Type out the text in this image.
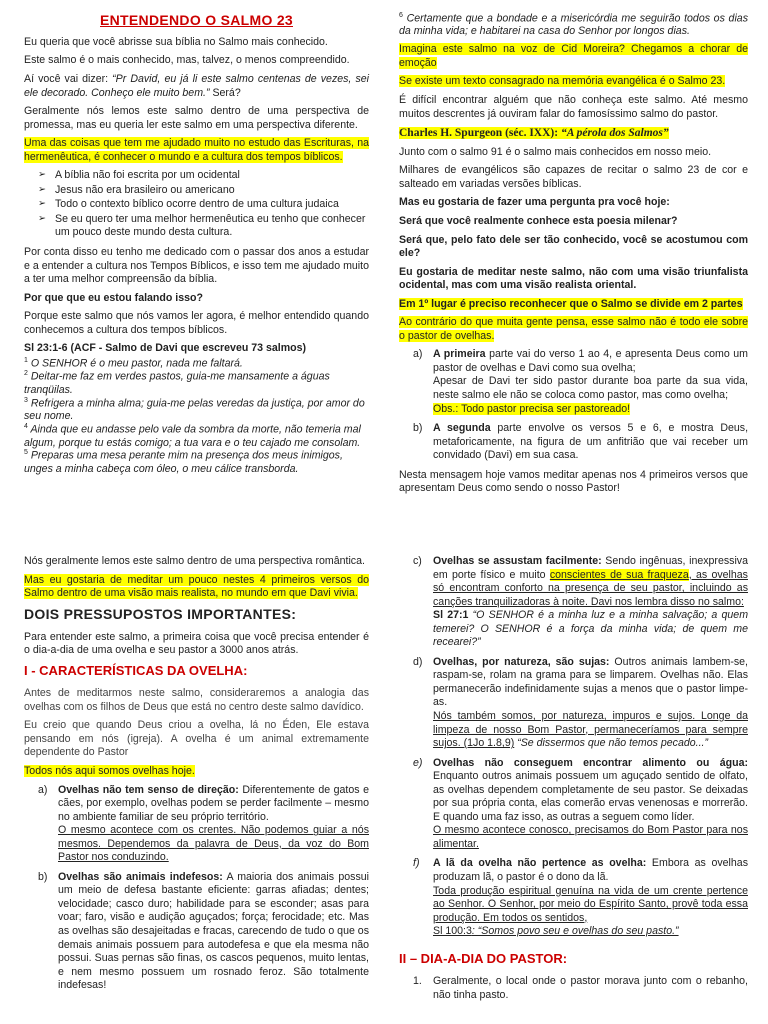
ENTENDENDO O SALMO 23

Eu queria que você abrisse sua bíblia no Salmo mais conhecido.

Este salmo é o mais conhecido, mas, talvez, o menos compreendido.

Aí você vai dizer: “Pr David, eu já li este salmo centenas de vezes, sei ele decorado. Conheço ele muito bem.” Será?

Geralmente nós lemos este salmo dentro de uma perspectiva de promessa, mas eu queria ler este salmo em uma perspectiva diferente.

Uma das coisas que tem me ajudado muito no estudo das Escrituras, na hermenêutica, é conhecer o mundo e a cultura dos tempos bíblicos.

➢ A bíblia não foi escrita por um ocidental
➢ Jesus não era brasileiro ou americano
➢ Todo o contexto bíblico ocorre dentro de uma cultura judaica
➢ Se eu quero ter uma melhor hermenêutica eu tenho que conhecer um pouco deste mundo desta cultura.

Por conta disso eu tenho me dedicado com o passar dos anos a estudar e a entender a cultura nos Tempos Bíblicos, e isso tem me ajudado muito a ter uma melhor compreensão da bíblia.

Por que que eu estou falando isso?

Porque este salmo que nós vamos ler agora, é melhor entendido quando conhecemos a cultura dos tempos bíblicos.

Sl 23:1-6 (ACF - Salmo de Davi que escreveu 73 salmos)

$^1$ O SENHOR é o meu pastor, nada me faltará.
$^2$ Deitar-me faz em verdes pastos, guia-me mansamente a águas tranqüilas.
$^3$ Refrigera a minha alma; guia-me pelas veredas da justiça, por amor do seu nome.
$^4$ Ainda que eu andasse pelo vale da sombra da morte, não temeria mal algum, porque tu estás comigo; a tua vara e o teu cajado me consolam.
$^5$ Preparas uma mesa perante mim na presença dos meus inimigos, unges a minha cabeça com óleo, o meu cálice transborda.

$^6$ Certamente que a bondade e a misericórdia me seguirão todos os dias da minha vida; e habitarei na casa do Senhor por longos dias.

Imagina este salmo na voz de Cid Moreira? Chegamos a chorar de emoção

Se existe um texto consagrado na memória evangélica é o Salmo 23.

É difícil encontrar alguém que não conheça este salmo. Até mesmo muitos descrentes já ouviram falar do famosíssimo salmo do pastor.

Charles H. Spurgeon (séc. IXX): “A pérola dos Salmos”

Junto com o salmo 91 é o salmo mais conhecidos em nosso meio.

Milhares de evangélicos são capazes de recitar o salmo 23 de cor e salteado em variadas versões bíblicas.

Mas eu gostaria de fazer uma pergunta pra você hoje:

Será que você realmente conhece esta poesia milenar?

Será que, pelo fato dele ser tão conhecido, você se acostumou com ele?

Eu gostaria de meditar neste salmo, não com uma visão triunfalista ocidental, mas com uma visão realista oriental.

Em 1º lugar é preciso reconhecer que o Salmo se divide em 2 partes

Ao contrário do que muita gente pensa, esse salmo não é todo ele sobre o pastor de ovelhas.

a) A primeira parte vai do verso 1 ao 4, e apresenta Deus como um pastor de ovelhas e Davi como sua ovelha;
Apesar de Davi ter sido pastor durante boa parte da sua vida, neste salmo ele não se coloca como pastor, mas como ovelha;
Obs.: Todo pastor precisa ser pastoreado!
b) A segunda parte envolve os versos 5 e 6, e mostra Deus, metaforicamente, na figura de um anfitrião que vai receber um convidado (Davi) em sua casa.

Nesta mensagem hoje vamos meditar apenas nos 4 primeiros versos que apresentam Deus como sendo o nosso Pastor!

Nós geralmente lemos este salmo dentro de uma perspectiva romântica.

Mas eu gostaria de meditar um pouco nestes 4 primeiros versos do Salmo dentro de uma visão mais realista, no mundo em que Davi vivia.

DOIS PRESSUPOSTOS IMPORTANTES:

Para entender este salmo, a primeira coisa que você precisa entender é o dia-a-dia de uma ovelha e seu pastor a 3000 anos atrás.

I - CARACTERÍSTICAS DA OVELHA:

Antes de meditarmos neste salmo, consideraremos a analogia das ovelhas com os filhos de Deus que está no centro deste salmo davídico.

Eu creio que quando Deus criou a ovelha, lá no Éden, Ele estava pensando em nós (igreja). A ovelha é um animal extremamente dependente do Pastor

Todos nós aqui somos ovelhas hoje.

a) Ovelhas não tem senso de direção: Diferentemente de gatos e cães, por exemplo, ovelhas podem se perder facilmente – mesmo no ambiente familiar de seu próprio território.
O mesmo acontece com os crentes. Não podemos guiar a nós mesmos. Dependemos da palavra de Deus, da voz do Bom Pastor nos conduzindo.
b) Ovelhas são animais indefesos: A maioria dos animais possui um meio de defesa bastante eficiente: garras afiadas; dentes; velocidade; casco duro; habilidade para se esconder; asas para voar; faro, visão e audição aguçados; força; ferocidade; etc. Mas as ovelhas são desajeitadas e fracas, carecendo de tudo o que os demais animais possuem para autodefesa e que ela mesma não possui. Suas pernas são finas, os cascos pequenos, muito lentas, e nem mesmo possuem um rosnado feroz. São totalmente indefesas!
c) Ovelhas se assustam facilmente: Sendo ingênuas, inexpressiva em porte físico e muito conscientes de sua fraqueza, as ovelhas só encontram conforto na presença de seu pastor, incluindo as canções tranquilizadoras à noite. Davi nos lembra disso no salmo:
Sl 27:1 “O SENHOR é a minha luz e a minha salvação; a quem temerei? O SENHOR é a força da minha vida; de quem me recearei?”
d) Ovelhas, por natureza, são sujas: Outros animais lambem-se, raspam-se, rolam na grama para se limparem. Ovelhas não. Elas permanecerão indefinidamente sujas a menos que o pastor limpe-as.
Nós também somos, por natureza, impuros e sujos. Longe da limpeza de nosso Bom Pastor, permaneceríamos para sempre sujos. (1Jo 1.8,9) “Se dissermos que não temos pecado...”
e) Ovelhas não conseguem encontrar alimento ou água: Enquanto outros animais possuem um aguçado sentido de olfato, as ovelhas dependem completamente de seu pastor. Se deixadas por sua própria conta, elas comerão ervas venenosas e morrerão. E quando uma faz isso, as outras a seguem como líder.
O mesmo acontece conosco, precisamos do Bom Pastor para nos alimentar.
f) A lã da ovelha não pertence as ovelha: Embora as ovelhas produzam lã, o pastor é o dono da lã.
Toda produção espiritual genuína na vida de um crente pertence ao Senhor. O Senhor, por meio do Espírito Santo, provê toda essa produção. Em todos os sentidos,
Sl 100:3: “Somos povo seu e ovelhas do seu pasto.”
II – DIA-A-DIA DO PASTOR:
1. Geralmente, o local onde o pastor morava junto com o rebanho, não tinha pasto.
